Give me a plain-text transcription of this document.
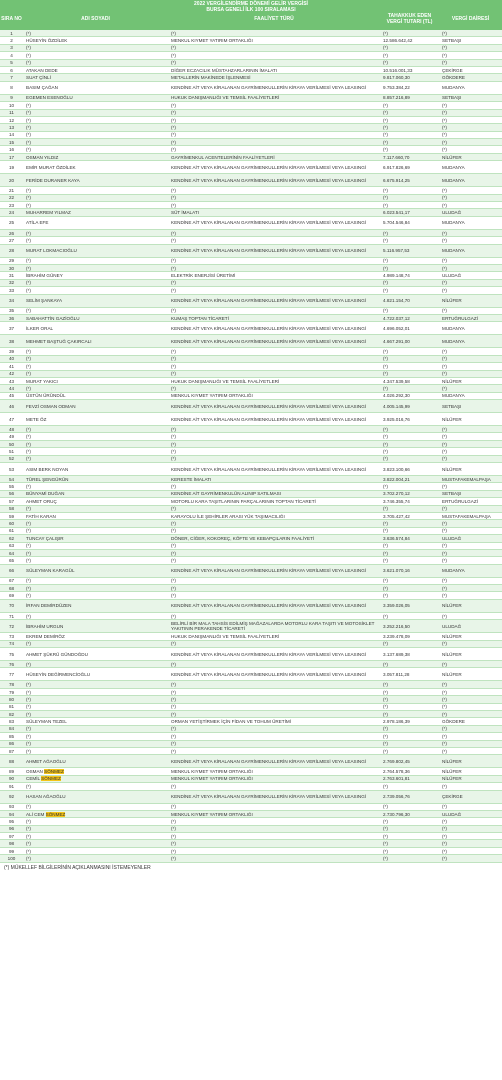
SIRA NO	ADI SOYADI	FAALİYET TÜRÜ	TAHAKKUK EDEN VERGİ TUTARI (TL)	VERGİ DAİRESİ
2022 VERGİLENDİRME DÖNEMİ GELİR VERGİSİ
BURSA GENELİ İLK 100 SIRALAMASI
1	(*)	(*)	(*)	(*)
2	HÜSEYİN ÖZDİLEK	MENKUL KIYMET YATIRIM ORTAKLIĞI	12.586.642,42	SETBAŞI
3	(*)	(*)	(*)	(*)
4	(*)	(*)	(*)	(*)
5	(*)	(*)	(*)	(*)
6	ATAKAN DEDE	DİĞER ECZACILIK MÜSTAHZARLARININ İMALATI	10.516.001,33	ÇEKİRGE
7	SUAT ÇİNLİ	METALLERİN MAKİNEDE İŞLENMESİ	9.817.060,30	GÖKDERE
8	BASIM ÇAĞAN	KENDİNE AİT VEYA KİRALANAN GAYRİMENKULLERİN KİRAYA VERİLMESİ VEYA LEASINGİ	9.753.384,22	MUDANYA
9	EGEMEN ESENOĞLU	HUKUK DANIŞMANLIĞI VE TEMSİL FAALİYETLERİ	8.857.216,89	SETBAŞI
10	(*)	(*)	(*)	(*)
11	(*)	(*)	(*)	(*)
12	(*)	(*)	(*)	(*)
13	(*)	(*)	(*)	(*)
14	(*)	(*)	(*)	(*)
15	(*)	(*)	(*)	(*)
16	(*)	(*)	(*)	(*)
17	OSMAN YILDIZ	GAYRİMENKUL ACENTELERİNİN FAALİYETLERİ	7.117.660,70	NİLÜFER
19	EMİR MURAT ÖZDİLEK	KENDİNE AİT VEYA KİRALANAN GAYRİMENKULLERİN KİRAYA VERİLMESİ VEYA LEASINGİ	6.917.826,69	MUDANYA
20	FERİDE DURANER KAYA	KENDİNE AİT VEYA KİRALANAN GAYRİMENKULLERİN KİRAYA VERİLMESİ VEYA LEASINGİ	6.675.914,25	MUDANYA
21	(*)	(*)	(*)	(*)
22	(*)	(*)	(*)	(*)
23	(*)	(*)	(*)	(*)
24	MUHARREM YILMAZ	SÜT İMALATI	6.023.541,17	ULUDAĞ
25	ATİLA EFE	KENDİNE AİT VEYA KİRALANAN GAYRİMENKULLERİN KİRAYA VERİLMESİ VEYA LEASINGİ	5.704.546,84	MUDANYA
26	(*)	(*)	(*)	(*)
27	(*)	(*)	(*)	(*)
28	MURAT LOKMACIOĞLU	KENDİNE AİT VEYA KİRALANAN GAYRİMENKULLERİN KİRAYA VERİLMESİ VEYA LEASINGİ	5.116.957,53	MUDANYA
29	(*)	(*)	(*)	(*)
30	(*)	(*)	(*)	(*)
31	İBRAHİM GÜNEY	ELEKTRİK ENERJİSİ ÜRETİMİ	4.989.148,74	ULUDAĞ
32	(*)	(*)	(*)	(*)
33	(*)	(*)	(*)	(*)
34	SELİM ŞANKAYA	KENDİNE AİT VEYA KİRALANAN GAYRİMENKULLERİN KİRAYA VERİLMESİ VEYA LEASINGİ	4.821.154,70	NİLÜFER
35	(*)	(*)	(*)	(*)
36	SABAHATTİN GAZİOĞLU	KUMAŞ TOPTAN TİCARETİ	4.722.037,12	ERTUĞRULGAZİ
37	İLKER ORAL	KENDİNE AİT VEYA KİRALANAN GAYRİMENKULLERİN KİRAYA VERİLMESİ VEYA LEASINGİ	4.696.052,01	MUDANYA
38	MEHMET BAŞTUĞ ÇAKIRCALI	KENDİNE AİT VEYA KİRALANAN GAYRİMENKULLERİN KİRAYA VERİLMESİ VEYA LEASINGİ	4.667.291,00	MUDANYA
39	(*)	(*)	(*)	(*)
40	(*)	(*)	(*)	(*)
41	(*)	(*)	(*)	(*)
42	(*)	(*)	(*)	(*)
43	MURAT YAKICI	HUKUK DANIŞMANLIĞI VE TEMSİL FAALİYETLERİ	4.347.539,58	NİLÜFER
44	(*)	(*)	(*)	(*)
45	ÜSTÜN ÜRÜNDÜL	MENKUL KIYMET YATIRIM ORTAKLIĞI	4.026.292,30	MUDANYA
46	FEVZİ OSMAN ODMAN	KENDİNE AİT VEYA KİRALANAN GAYRİMENKULLERİN KİRAYA VERİLMESİ VEYA LEASINGİ	4.005.145,99	SETBAŞI
47	METE ÖZ	KENDİNE AİT VEYA KİRALANAN GAYRİMENKULLERİN KİRAYA VERİLMESİ VEYA LEASINGİ	3.925.016,76	NİLÜFER
48	(*)	(*)	(*)	(*)
49	(*)	(*)	(*)	(*)
50	(*)	(*)	(*)	(*)
51	(*)	(*)	(*)	(*)
52	(*)	(*)	(*)	(*)
53	ASIM BERK NOYAN	KENDİNE AİT VEYA KİRALANAN GAYRİMENKULLERİN KİRAYA VERİLMESİ VEYA LEASINGİ	3.823.100,66	NİLÜFER
54	TÜREL ŞENGÜRÜN	KERESTE İMALATI	3.822.004,21	MUSTAFAKEMALPAŞA
55	(*)	(*)	(*)	(*)
56	BÜNYAMİ DUĞAN	KENDİNE AİT GAYRİMENKULÜN ALINIP SATILMASI	3.702.270,12	SETBAŞI
57	AHMET ORUÇ	MOTORLU KARA TAŞITLARININ PARÇALARININ TOPTAN TİCARETİ	3.746.355,74	ERTUĞRULGAZİ
58	(*)	(*)	(*)	(*)
59	FATİH KARAN	KARAYOLU İLE ŞEHİRLER ARASI YÜK TAŞIMACILIĞI	3.705.427,42	MUSTAFAKEMALPAŞA
60	(*)	(*)	(*)	(*)
61	(*)	(*)	(*)	(*)
62	TUNCAY ÇALIŞIR	DÖNER, CİĞER, KOKOREÇ, KÖFTE VE KEBAPÇILARIN FAALİYETİ	3.636.574,84	ULUDAĞ
63	(*)	(*)	(*)	(*)
64	(*)	(*)	(*)	(*)
65	(*)	(*)	(*)	(*)
66	SÜLEYMAN KARAGÜL	KENDİNE AİT VEYA KİRALANAN GAYRİMENKULLERİN KİRAYA VERİLMESİ VEYA LEASINGİ	3.621.070,16	MUDANYA
67	(*)	(*)	(*)	(*)
68	(*)	(*)	(*)	(*)
69	(*)	(*)	(*)	(*)
70	İRFAN DEMİRDÜZEN	KENDİNE AİT VEYA KİRALANAN GAYRİMENKULLERİN KİRAYA VERİLMESİ VEYA LEASINGİ	3.359.026,05	NİLÜFER
71	(*)	(*)	(*)	(*)
72	İBRAHİM URGUN	BELİRLİ BİR MALA TAHSİS EDİLMİŞ MAĞAZALARDA MOTORLU KARA TAŞITI VE MOTOSİKLET YAKITININ PERAKENDE TİCARETİ	3.252.216,50	ULUDAĞ
73	EKREM DEMİRÖZ	HUKUK DANIŞMANLIĞI VE TEMSİL FAALİYETLERİ	3.239.478,09	NİLÜFER
74	(*)	(*)	(*)	(*)
75	AHMET ŞÜKRÜ GÜNDOĞDU	KENDİNE AİT VEYA KİRALANAN GAYRİMENKULLERİN KİRAYA VERİLMESİ VEYA LEASINGİ	3.137.689,38	NİLÜFER
76	(*)	(*)	(*)	(*)
77	HÜSEYİN DEĞİRMENCİOĞLU	KENDİNE AİT VEYA KİRALANAN GAYRİMENKULLERİN KİRAYA VERİLMESİ VEYA LEASINGİ	3.057.811,28	NİLÜFER
78	(*)	(*)	(*)	(*)
79	(*)	(*)	(*)	(*)
80	(*)	(*)	(*)	(*)
81	(*)	(*)	(*)	(*)
82	(*)	(*)	(*)	(*)
83	SÜLEYMAN TEZEL	ORMAN YETİŞTİRMEK İÇİN FİDAN VE TOHUM ÜRETİMİ	2.978.186,39	GÖKDERE
84	(*)	(*)	(*)	(*)
85	(*)	(*)	(*)	(*)
86	(*)	(*)	(*)	(*)
87	(*)	(*)	(*)	(*)
88	AHMET AĞAOĞLU	KENDİNE AİT VEYA KİRALANAN GAYRİMENKULLERİN KİRAYA VERİLMESİ VEYA LEASINGİ	2.769.802,45	NİLÜFER
89	OSMAN SÖNMEZ	MENKUL KIYMET YATIRIM ORTAKLIĞI	2.764.578,36	NİLÜFER
90	CEMİL SÖNMEZ	MENKUL KIYMET YATIRIM ORTAKLIĞI	2.763.601,81	NİLÜFER
91	(*)	(*)	(*)	(*)
92	HASAN AĞAOĞLU	KENDİNE AİT VEYA KİRALANAN GAYRİMENKULLERİN KİRAYA VERİLMESİ VEYA LEASINGİ	2.739.056,76	ÇEKİRGE
93	(*)	(*)	(*)	(*)
94	ALİ CEM SÖNMEZ	MENKUL KIYMET YATIRIM ORTAKLIĞI	2.730.796,30	ULUDAĞ
95	(*)	(*)	(*)	(*)
96	(*)	(*)	(*)	(*)
97	(*)	(*)	(*)	(*)
98	(*)	(*)	(*)	(*)
99	(*)	(*)	(*)	(*)
100	(*)	(*)	(*)	(*)
(*) MÜKELLEF BİLGİLERİNİN AÇIKLANMASINI İSTEMEYENLER
